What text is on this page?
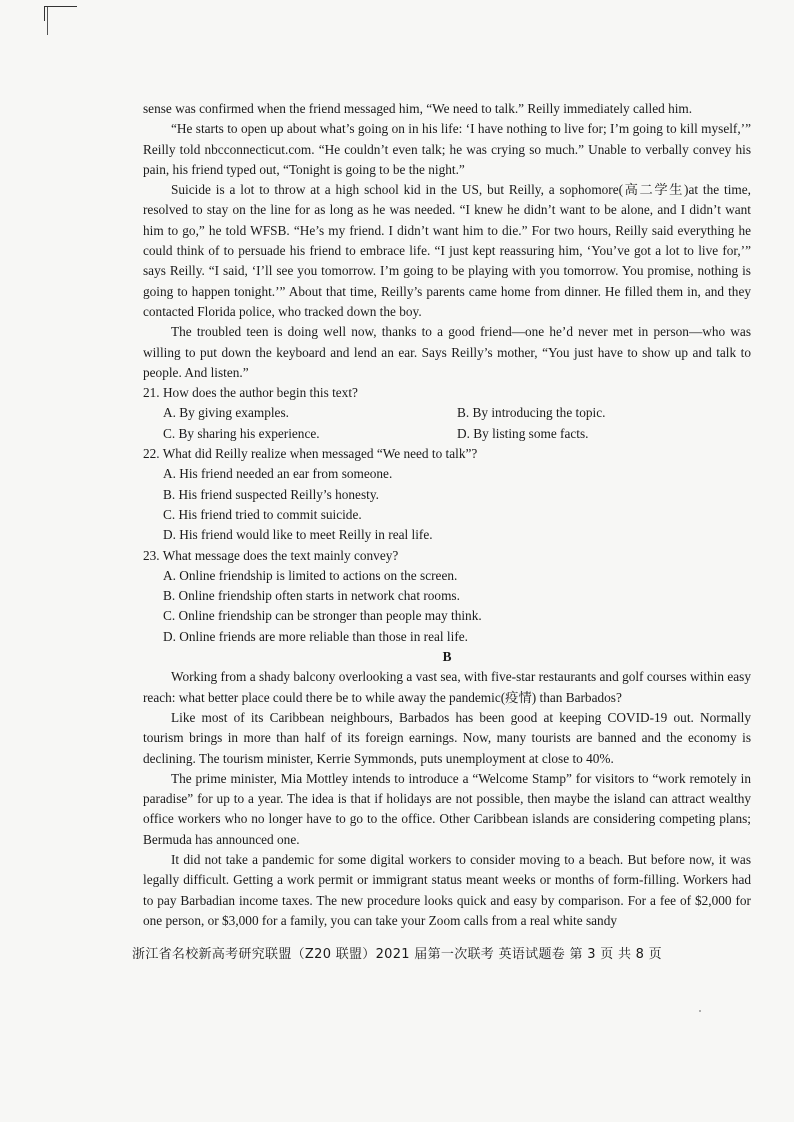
sense was confirmed when the friend messaged him, “We need to talk.” Reilly immediately called him.

“He starts to open up about what’s going on in his life: ‘I have nothing to live for; I’m going to kill myself,’” Reilly told nbcconnecticut.com. “He couldn’t even talk; he was crying so much.” Unable to verbally convey his pain, his friend typed out, “Tonight is going to be the night.”

Suicide is a lot to throw at a high school kid in the US, but Reilly, a sophomore(高二学生)at the time, resolved to stay on the line for as long as he was needed. “I knew he didn’t want to be alone, and I didn’t want him to go,” he told WFSB. “He’s my friend. I didn’t want him to die.” For two hours, Reilly said everything he could think of to persuade his friend to embrace life. “I just kept reassuring him, ‘You’ve got a lot to live for,’” says Reilly. “I said, ‘I’ll see you tomorrow. I’m going to be playing with you tomorrow. You promise, nothing is going to happen tonight.’” About that time, Reilly’s parents came home from dinner. He filled them in, and they contacted Florida police, who tracked down the boy.

The troubled teen is doing well now, thanks to a good friend—one he’d never met in person—who was willing to put down the keyboard and lend an ear. Says Reilly’s mother, “You just have to show up and talk to people. And listen.”

21. How does the author begin this text?

A. By giving examples.	B. By introducing the topic.

C. By sharing his experience.	D. By listing some facts.

22. What did Reilly realize when messaged “We need to talk”?

A. His friend needed an ear from someone.

B. His friend suspected Reilly’s honesty.

C. His friend tried to commit suicide.

D. His friend would like to meet Reilly in real life.

23. What message does the text mainly convey?

A. Online friendship is limited to actions on the screen.

B. Online friendship often starts in network chat rooms.

C. Online friendship can be stronger than people may think.

D. Online friends are more reliable than those in real life.

B

Working from a shady balcony overlooking a vast sea, with five-star restaurants and golf courses within easy reach: what better place could there be to while away the pandemic(疫情) than Barbados?

Like most of its Caribbean neighbours, Barbados has been good at keeping COVID-19 out. Normally tourism brings in more than half of its foreign earnings. Now, many tourists are banned and the economy is declining. The tourism minister, Kerrie Symmonds, puts unemployment at close to 40%.

The prime minister, Mia Mottley intends to introduce a “Welcome Stamp” for visitors to “work remotely in paradise” for up to a year. The idea is that if holidays are not possible, then maybe the island can attract wealthy office workers who no longer have to go to the office. Other Caribbean islands are considering competing plans; Bermuda has announced one.

It did not take a pandemic for some digital workers to consider moving to a beach. But before now, it was legally difficult. Getting a work permit or immigrant status meant weeks or months of form-filling. Workers had to pay Barbadian income taxes. The new procedure looks quick and easy by comparison. For a fee of $2,000 for one person, or $3,000 for a family, you can take your Zoom calls from a real white sandy

浙江省名校新高考研究联盟（Z20 联盟）2021 届第一次联考 英语试题卷 第 3 页 共 8 页
